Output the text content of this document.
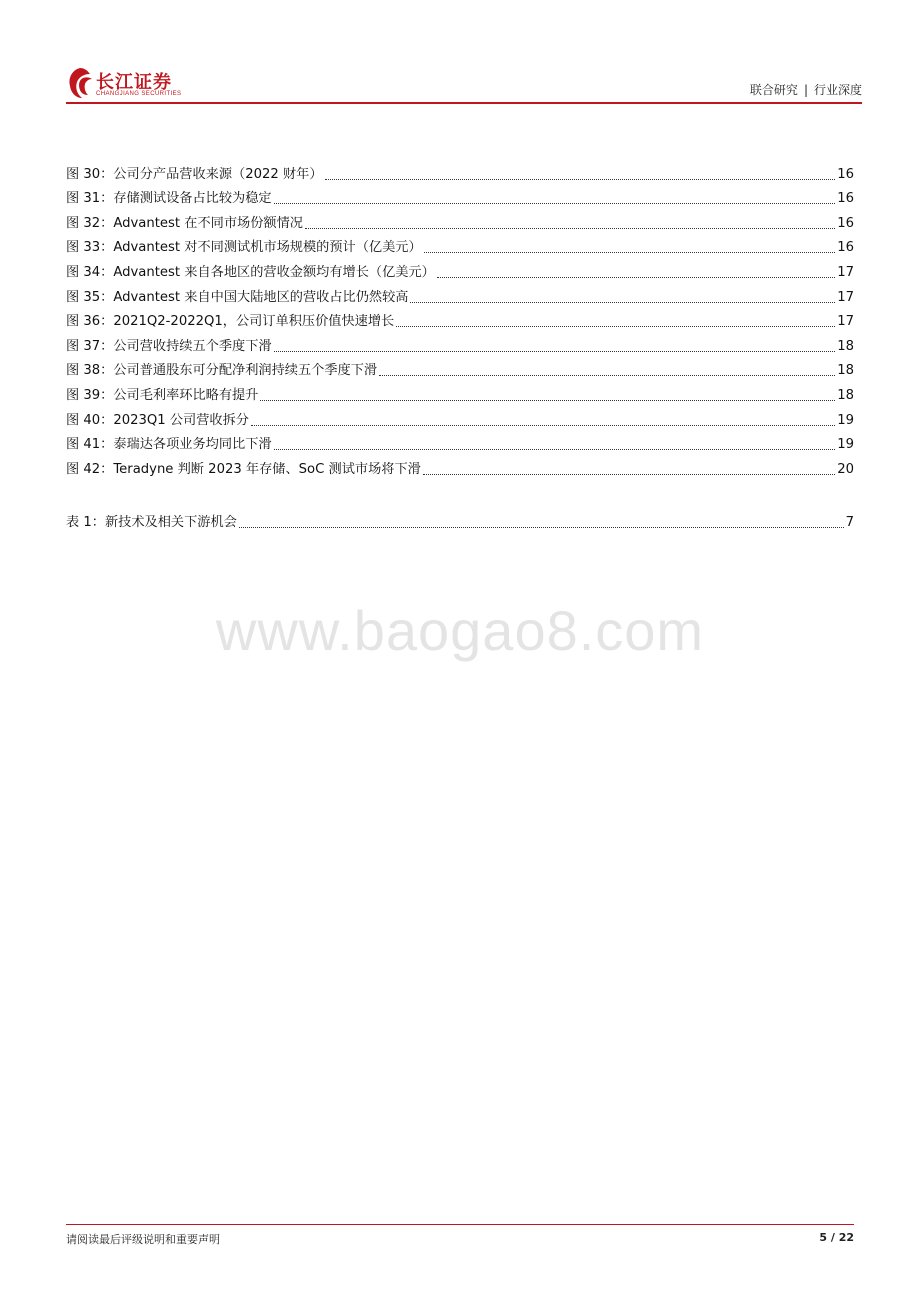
长江证券
CHANGJIANG SECURITIES	联合研究 | 行业深度
图 30：公司分产品营收来源（2022 财年）	16
图 31：存储测试设备占比较为稳定	16
图 32：Advantest 在不同市场份额情况	16
图 33：Advantest 对不同测试机市场规模的预计（亿美元）	16
图 34：Advantest 来自各地区的营收金额均有增长（亿美元）	17
图 35：Advantest 来自中国大陆地区的营收占比仍然较高	17
图 36：2021Q2-2022Q1，公司订单积压价值快速增长	17
图 37：公司营收持续五个季度下滑	18
图 38：公司普通股东可分配净利润持续五个季度下滑	18
图 39：公司毛利率环比略有提升	18
图 40：2023Q1 公司营收拆分	19
图 41：泰瑞达各项业务均同比下滑	19
图 42：Teradyne 判断 2023 年存储、SoC 测试市场将下滑	20
表 1：新技术及相关下游机会	7
www.baogao8.com
请阅读最后评级说明和重要声明	5 / 22
